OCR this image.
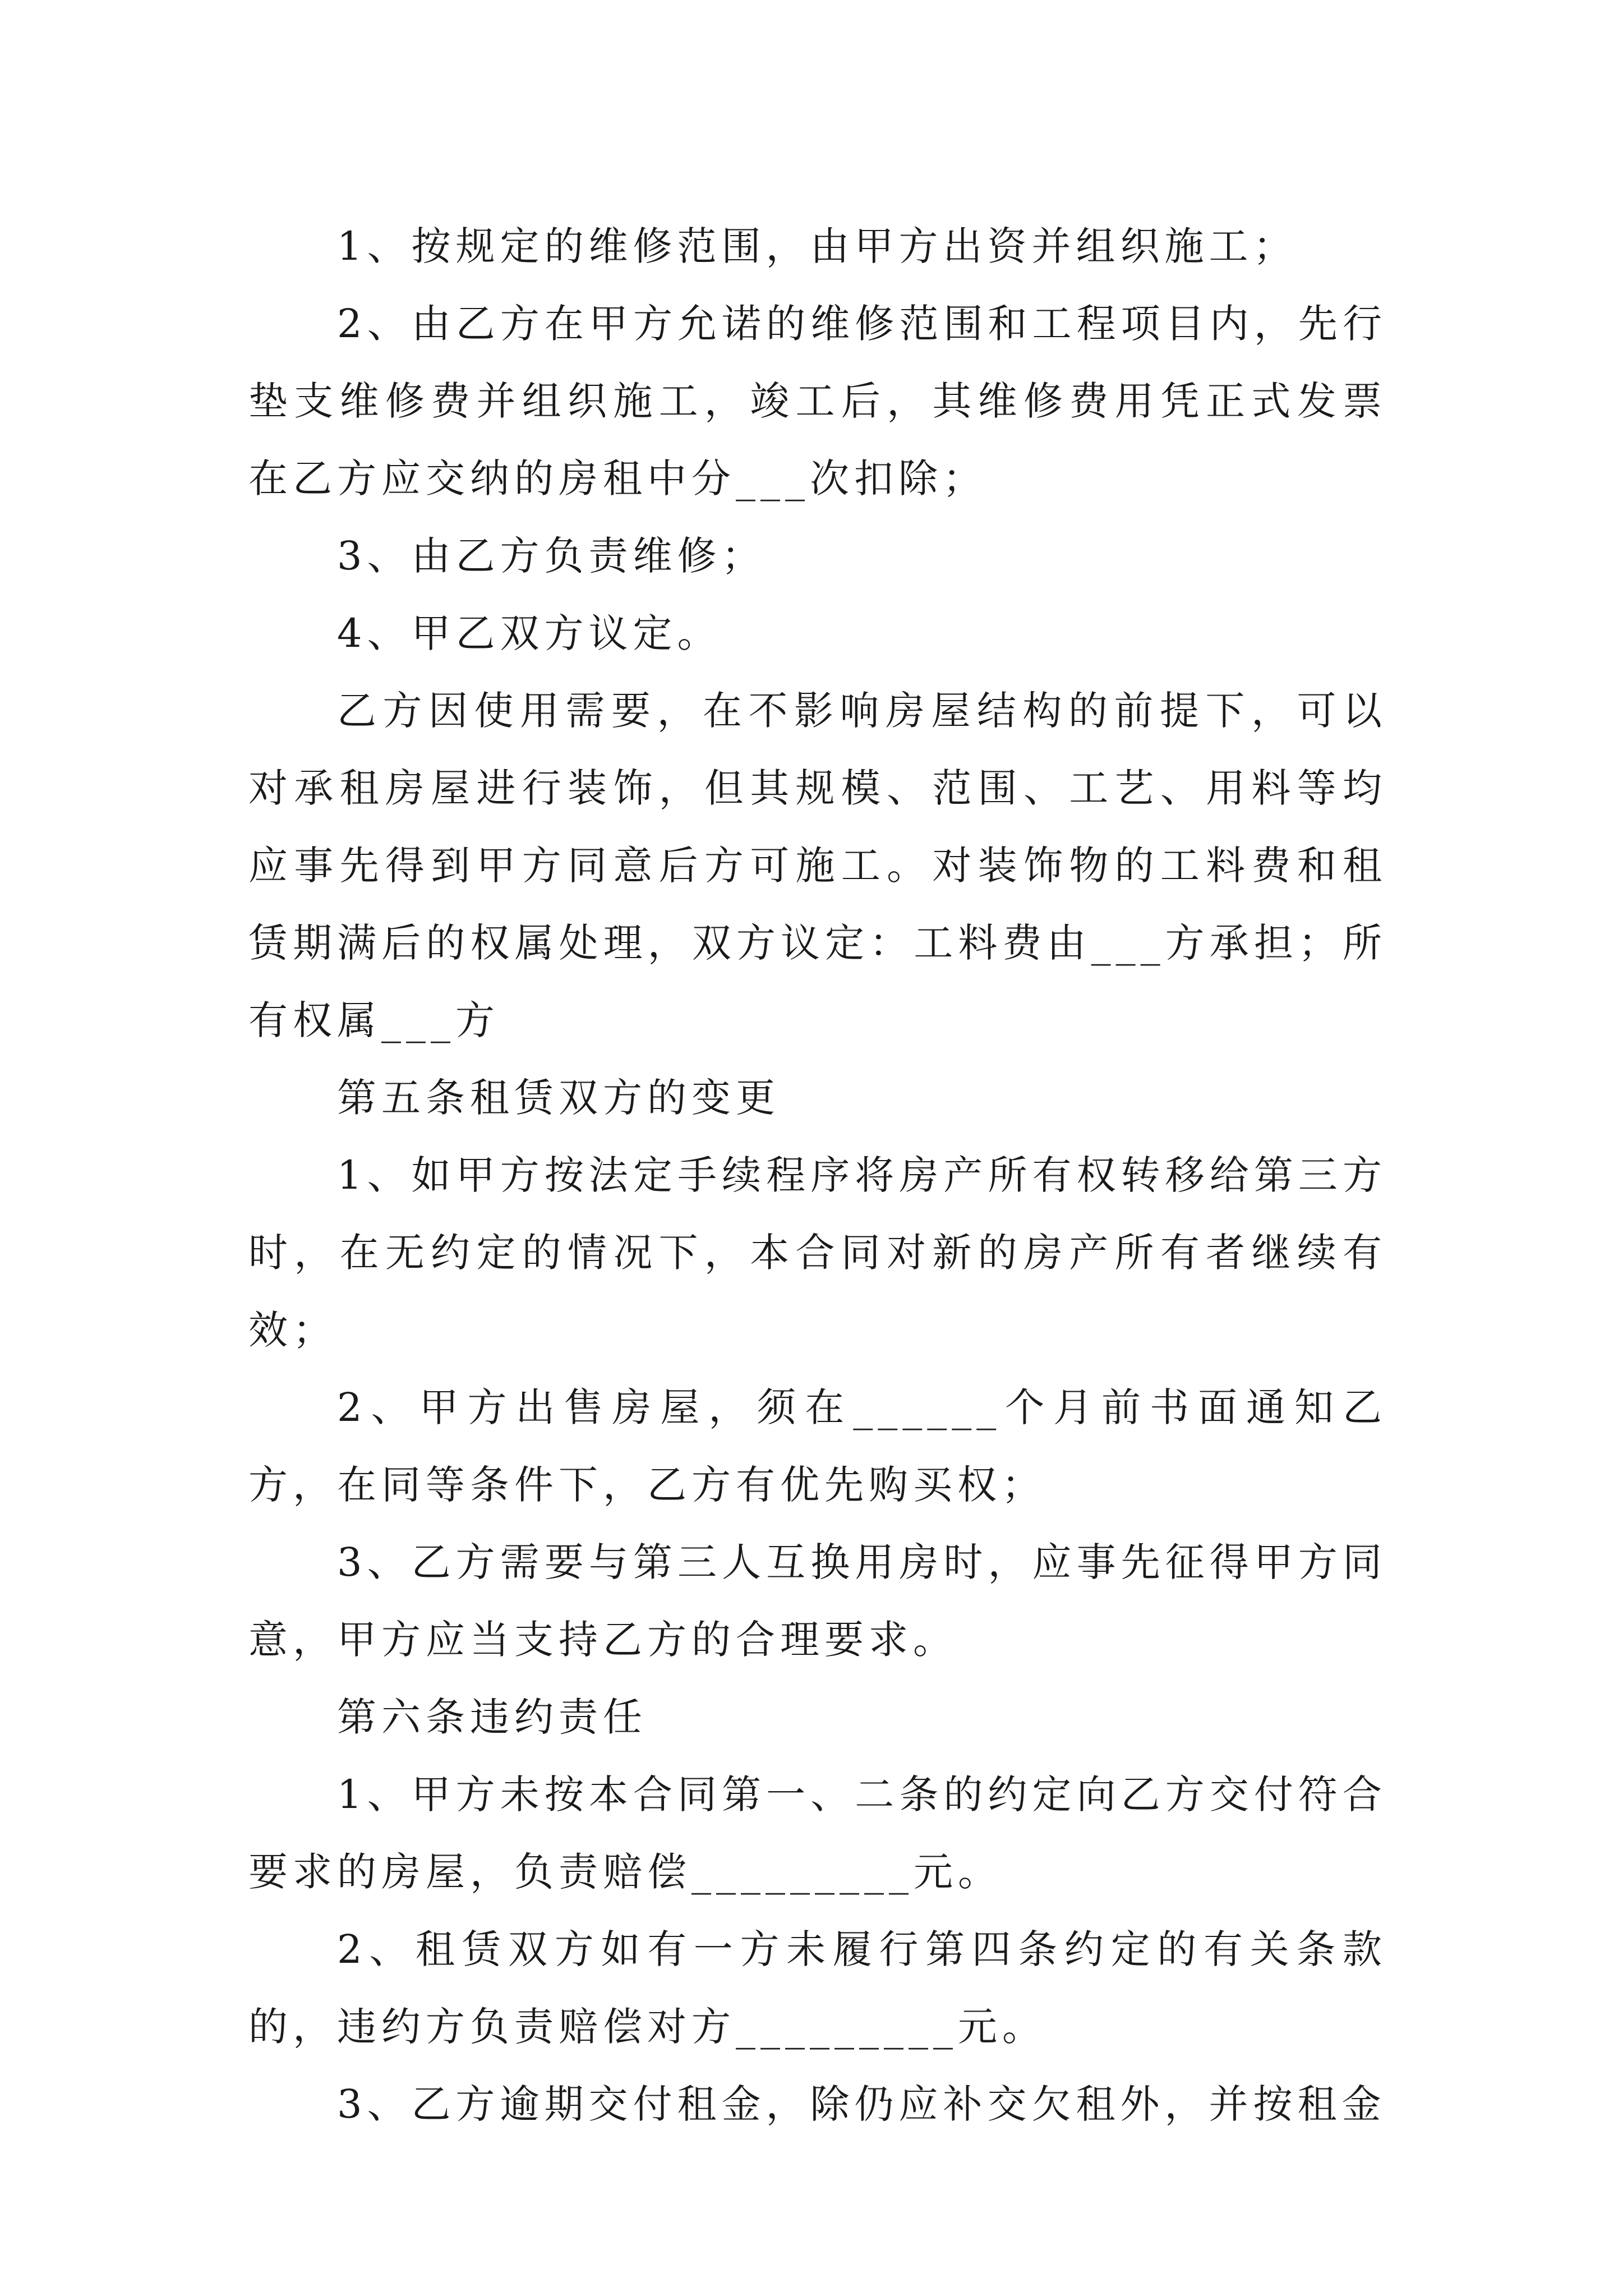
1、按规定的维修范围，由甲方出资并组织施工；

2、由乙方在甲方允诺的维修范围和工程项目内，先行垫支维修费并组织施工，竣工后，其维修费用凭正式发票在乙方应交纳的房租中分___次扣除；

3、由乙方负责维修；

4、甲乙双方议定。

乙方因使用需要，在不影响房屋结构的前提下，可以对承租房屋进行装饰，但其规模、范围、工艺、用料等均应事先得到甲方同意后方可施工。对装饰物的工料费和租赁期满后的权属处理，双方议定：工料费由___方承担；所有权属___方

第五条租赁双方的变更

1、如甲方按法定手续程序将房产所有权转移给第三方时，在无约定的情况下，本合同对新的房产所有者继续有效；

2、甲方出售房屋，须在______个月前书面通知乙方，在同等条件下，乙方有优先购买权；

3、乙方需要与第三人互换用房时，应事先征得甲方同意，甲方应当支持乙方的合理要求。

第六条违约责任

1、甲方未按本合同第一、二条的约定向乙方交付符合要求的房屋，负责赔偿_________元。

2、租赁双方如有一方未履行第四条约定的有关条款的，违约方负责赔偿对方_________元。

3、乙方逾期交付租金，除仍应补交欠租外，并按租金
